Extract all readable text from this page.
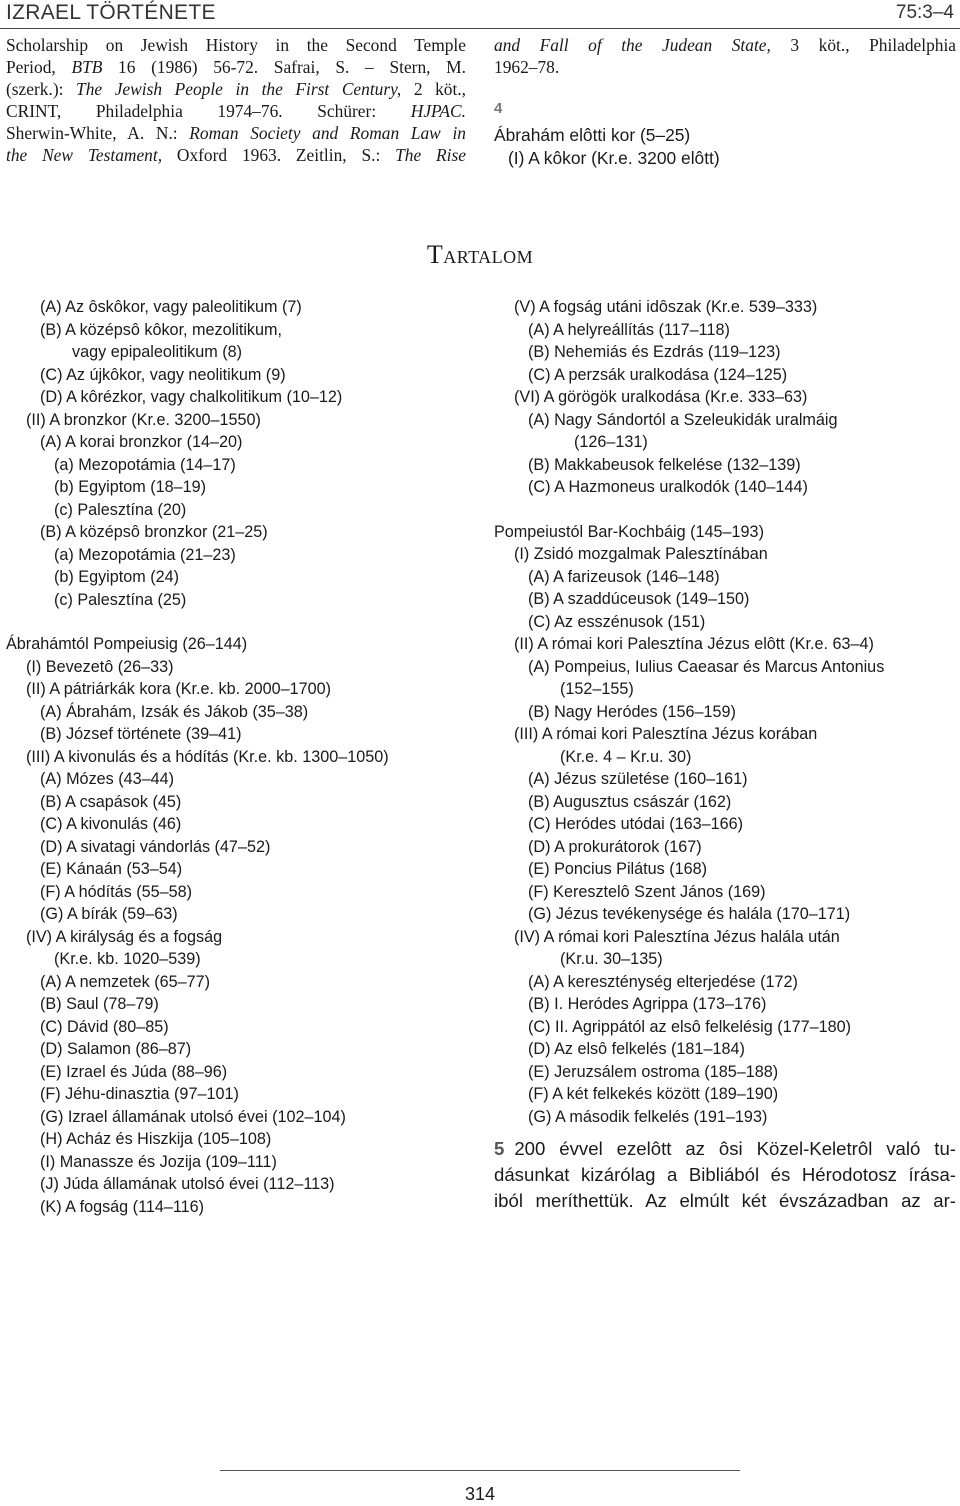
IZRAEL TÖRTÉNETE	75:3–4
Scholarship on Jewish History in the Second Temple
Period, BTB 16 (1986) 56-72. Safrai, S. – Stern, M.
(szerk.): The Jewish People in the First Century, 2 köt.,
CRINT, Philadelphia 1974–76. Schürer: HJPAC.
Sherwin-White, A. N.: Roman Society and Roman Law in
the New Testament, Oxford 1963. Zeitlin, S.: The Rise
and Fall of the Judean State, 3 köt., Philadelphia
1962–78.
4
Ábrahám elôtti kor (5–25)
(I) A kôkor (Kr.e. 3200 elôtt)
Tartalom
(A) Az ôskôkor, vagy paleolitikum (7)
(B) A középsô kôkor, mezolitikum,
vagy epipaleolitikum (8)
(C) Az újkôkor, vagy neolitikum (9)
(D) A kôrézkor, vagy chalkolitikum (10–12)
(II) A bronzkor (Kr.e. 3200–1550)
(A) A korai bronzkor (14–20)
(a) Mezopotámia (14–17)
(b) Egyiptom (18–19)
(c) Palesztína (20)
(B) A középsô bronzkor (21–25)
(a) Mezopotámia (21–23)
(b) Egyiptom (24)
(c) Palesztína (25)
Ábrahámtól Pompeiusig (26–144)
(I) Bevezetô (26–33)
(II) A pátriárkák kora (Kr.e. kb. 2000–1700)
(A) Ábrahám, Izsák és Jákob (35–38)
(B) József története (39–41)
(III) A kivonulás és a hódítás (Kr.e. kb. 1300–1050)
(A) Mózes (43–44)
(B) A csapások (45)
(C) A kivonulás (46)
(D) A sivatagi vándorlás (47–52)
(E) Kánaán (53–54)
(F) A hódítás (55–58)
(G) A bírák (59–63)
(IV) A királyság és a fogság
(Kr.e. kb. 1020–539)
(A) A nemzetek (65–77)
(B) Saul (78–79)
(C) Dávid (80–85)
(D) Salamon (86–87)
(E) Izrael és Júda (88–96)
(F) Jéhu-dinasztia (97–101)
(G) Izrael államának utolsó évei (102–104)
(H) Acház és Hiszkija (105–108)
(I) Manassze és Jozija (109–111)
(J) Júda államának utolsó évei (112–113)
(K) A fogság (114–116)
(V) A fogság utáni idôszak (Kr.e. 539–333)
(A) A helyreállítás (117–118)
(B) Nehemiás és Ezdrás (119–123)
(C) A perzsák uralkodása (124–125)
(VI) A görögök uralkodása (Kr.e. 333–63)
(A) Nagy Sándortól a Szeleukidák uralmáig
(126–131)
(B) Makkabeusok felkelése (132–139)
(C) A Hazmoneus uralkodók (140–144)
Pompeiustól Bar-Kochbáig (145–193)
(I) Zsidó mozgalmak Palesztínában
(A) A farizeusok (146–148)
(B) A szaddúceusok (149–150)
(C) Az esszénusok (151)
(II) A római kori Palesztína Jézus elôtt (Kr.e. 63–4)
(A) Pompeius, Iulius Caeasar és Marcus Antonius
(152–155)
(B) Nagy Heródes (156–159)
(III) A római kori Palesztína Jézus korában
(Kr.e. 4 – Kr.u. 30)
(A) Jézus születése (160–161)
(B) Augusztus császár (162)
(C) Heródes utódai (163–166)
(D) A prokurátorok (167)
(E) Poncius Pilátus (168)
(F) Keresztelô Szent János (169)
(G) Jézus tevékenysége és halála (170–171)
(IV) A római kori Palesztína Jézus halála után
(Kr.u. 30–135)
(A) A kereszténység elterjedése (172)
(B) I. Heródes Agrippa (173–176)
(C) II. Agrippától az elsô felkelésig (177–180)
(D) Az elsô felkelés (181–184)
(E) Jeruzsálem ostroma (185–188)
(F) A két felkekés között (189–190)
(G) A második felkelés (191–193)
5 200 évvel ezelôtt az ôsi Közel-Keletrôl való tu-
dásunkat kizárólag a Bibliából és Hérodotosz írása-
iból meríthettük. Az elmúlt két évszázadban az ar-
314
